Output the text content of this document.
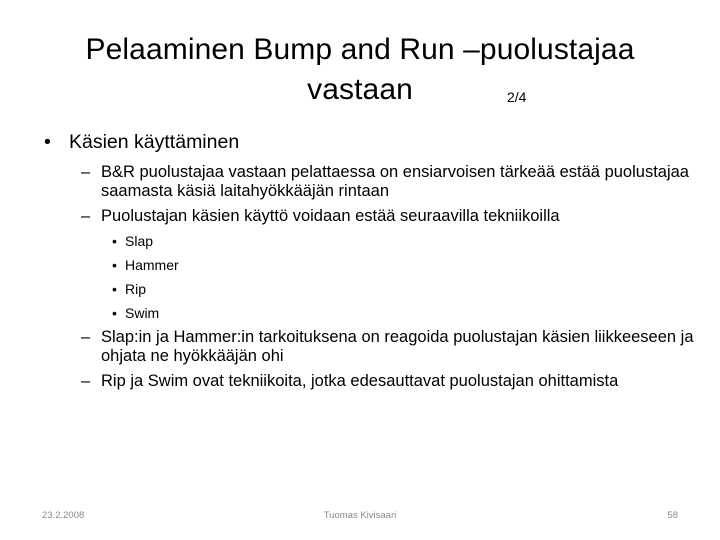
Pelaaminen Bump and Run –puolustajaa
vastaan	2/4
• Käsien käyttäminen
– B&R puolustajaa vastaan pelattaessa on ensiarvoisen tärkeää estää puolustajaa saamasta käsiä laitahyökkääjän rintaan
– Puolustajan käsien käyttö voidaan estää seuraavilla tekniikoilla
• Slap
• Hammer
• Rip
• Swim
– Slap:in ja Hammer:in tarkoituksena on reagoida puolustajan käsien liikkeeseen ja ohjata ne hyökkääjän ohi
– Rip ja Swim ovat tekniikoita, jotka edesauttavat puolustajan ohittamista
23.2.2008	Tuomas Kivisaari	58
